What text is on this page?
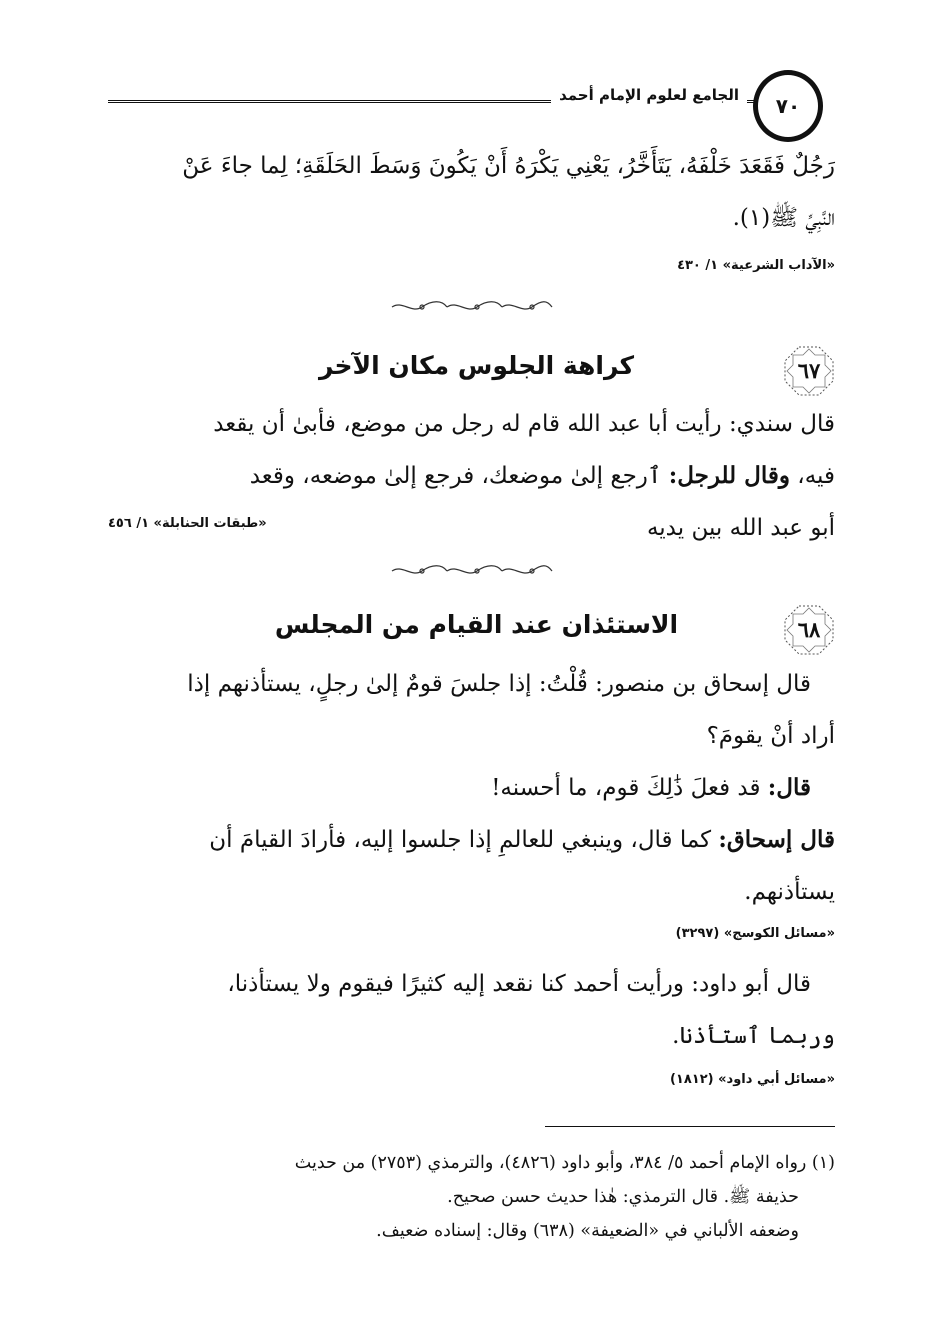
الجامع لعلوم الإمام أحمد	٧٠
رَجُلٌ فَقَعَدَ خَلْفَهُ، يَتَأَخَّرُ، يَعْنِي يَكْرَهُ أَنْ يَكُونَ وَسَطَ الحَلَقَةِ؛ لِما جاءَ عَنْ
النَّبِيِّ ﷺ(١).
«الآداب الشرعية» ١/ ٤٣٠
٦٧
كراهة الجلوس مكان الآخر
قال سندي: رأيت أبا عبد الله قام له رجل من موضع، فأبىٰ أن يقعد
فيه، وقال للرجل: ٱرجع إلىٰ موضعك، فرجع إلىٰ موضعه، وقعد
أبو عبد الله بين يديه
«طبقات الحنابلة» ١/ ٤٥٦
٦٨
الاستئذان عند القيام من المجلس
قال إسحاق بن منصور: قُلْتُ: إذا جلسَ قومٌ إلىٰ رجلٍ، يستأذنهم إذا
أراد أنْ يقومَ؟
قال: قد فعلَ ذَٰلِكَ قوم، ما أحسنه!
قال إسحاق: كما قال، وينبغي للعالمِ إذا جلسوا إليه، فأرادَ القيامَ أن
يستأذنهم.
«مسائل الكوسج» (٣٢٩٧)
قال أبو داود: ورأيت أحمد كنا نقعد إليه كثيرًا فيقوم ولا يستأذنا،
وربما ٱستأذنا.
«مسائل أبي داود» (١٨١٢)
(١) رواه الإمام أحمد ٥/ ٣٨٤، وأبو داود (٤٨٢٦)، والترمذي (٢٧٥٣) من حديث
حذيفة ﷺ. قال الترمذي: هٰذا حديث حسن صحيح.
وضعفه الألباني في «الضعيفة» (٦٣٨) وقال: إسناده ضعيف.
